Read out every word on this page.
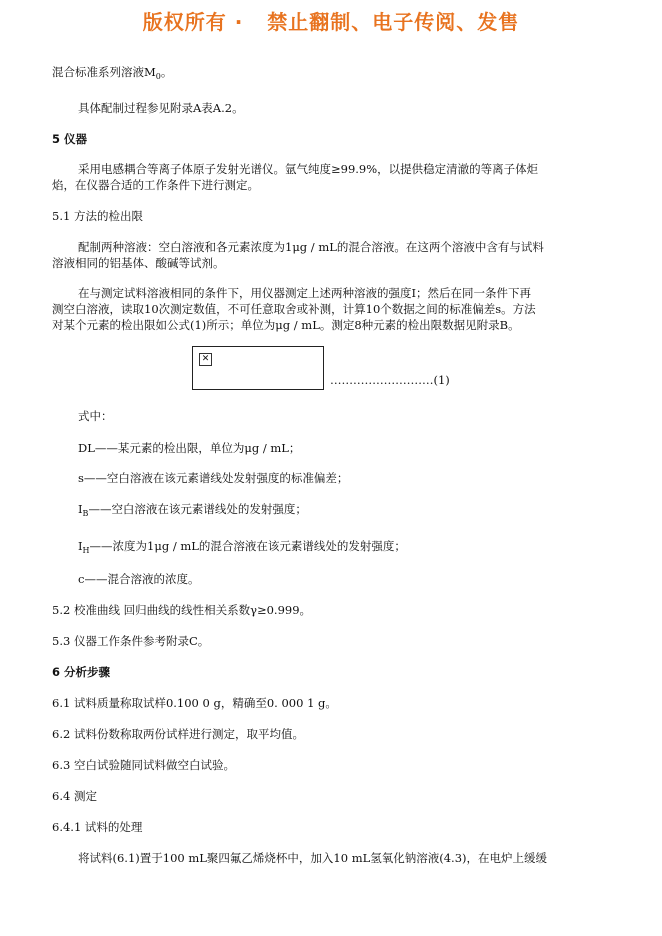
版权所有 ·   禁止翻制、电子传阅、发售
混合标准系列溶液$M_0$。
具体配制过程参见附录A表A.2。
5 仪器
采用电感耦合等离子体原子发射光谱仪。氩气纯度≥99.9%，以提供稳定清澈的等离子体炬
焰，在仪器合适的工作条件下进行测定。
5.1 方法的检出限
配制两种溶液：空白溶液和各元素浓度为1μg / mL的混合溶液。在这两个溶液中含有与试料
溶液相同的铝基体、酸碱等试剂。
在与测定试料溶液相同的条件下，用仪器测定上述两种溶液的强度I；然后在同一条件下再
测空白溶液，读取10次测定数值，不可任意取舍或补测，计算10个数据之间的标准偏差s。方法
对某个元素的检出限如公式(1)所示；单位为μg / mL。测定8种元素的检出限数据见附录B。
✕
………………………(1)
式中：
DL——某元素的检出限，单位为μg / mL；
s——空白溶液在该元素谱线处发射强度的标准偏差；
$I_B——$空白溶液在该元素谱线处的发射强度；
$I_H——$浓度为1μg / mL的混合溶液在该元素谱线处的发射强度；
c——混合溶液的浓度。
5.2 校准曲线 回归曲线的线性相关系数γ≥0.999。
5.3 仪器工作条件参考附录C。
6 分析步骤
6.1 试料质量称取试样0.100 0 g，精确至0. 000 1 g。
6.2 试料份数称取两份试样进行测定，取平均值。
6.3 空白试验随同试料做空白试验。
6.4 测定
6.4.1 试料的处理
将试料(6.1)置于100 mL聚四氟乙烯烧杯中，加入10 mL氢氧化钠溶液(4.3)，在电炉上缓缓
